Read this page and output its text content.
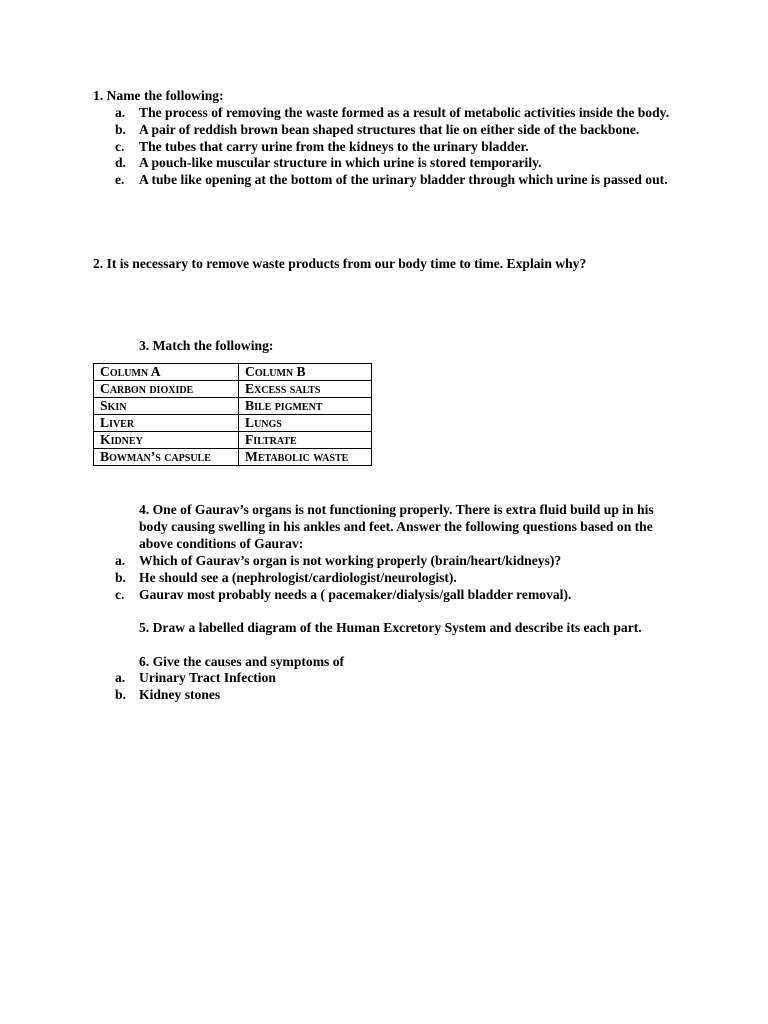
1. Name the following:
a. The process of removing the waste formed as a result of metabolic activities inside the body.
b. A pair of reddish brown bean shaped structures that lie on either side of the backbone.
c. The tubes that carry urine from the kidneys to the urinary bladder.
d. A pouch-like muscular structure in which urine is stored temporarily.
e. A tube like opening at the bottom of the urinary bladder through which urine is passed out.
2. It is necessary to remove waste products from our body time to time. Explain why?
3. Match the following:
Column A	Column B
Carbon dioxide	Excess salts
Skin	Bile pigment
Liver	Lungs
Kidney	Filtrate
Bowman’s capsule	Metabolic waste
4. One of Gaurav’s organs is not functioning properly. There is extra fluid build up in his body causing swelling in his ankles and feet. Answer the following questions based on the above conditions of Gaurav:
a. Which of Gaurav’s organ is not working properly (brain/heart/kidneys)?
b. He should see a (nephrologist/cardiologist/neurologist).
c. Gaurav most probably needs a ( pacemaker/dialysis/gall bladder removal).
5. Draw a labelled diagram of the Human Excretory System and describe its each part.
6. Give the causes and symptoms of
a. Urinary Tract Infection
b. Kidney stones
